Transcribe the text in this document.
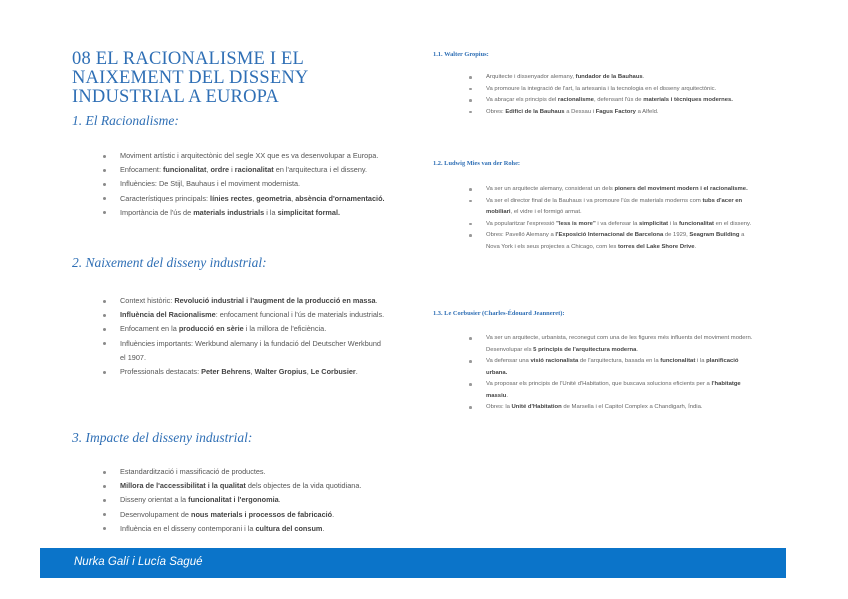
08 EL RACIONALISME I EL
NAIXEMENT DEL DISSENY
INDUSTRIAL A EUROPA
1. El Racionalisme:
Moviment artístic i arquitectònic del segle XX que es va desenvolupar a Europa.
Enfocament: funcionalitat, ordre i racionalitat en l'arquitectura i el disseny.
Influències: De Stijl, Bauhaus i el moviment modernista.
Característiques principals: línies rectes, geometria, absència d'ornamentació.
Importància de l'ús de materials industrials i la simplicitat formal.
2. Naixement del disseny industrial:
Context històric: Revolució industrial i l'augment de la producció en massa.
Influència del Racionalisme: enfocament funcional i l'ús de materials industrials.
Enfocament en la producció en sèrie i la millora de l'eficiència.
Influències importants: Werkbund alemany i la fundació del Deutscher Werkbund el 1907.
Professionals destacats: Peter Behrens, Walter Gropius, Le Corbusier.
3. Impacte del disseny industrial:
Estandardització i massificació de productes.
Millora de l'accessibilitat i la qualitat dels objectes de la vida quotidiana.
Disseny orientat a la funcionalitat i l'ergonomia.
Desenvolupament de nous materials i processos de fabricació.
Influència en el disseny contemporani i la cultura del consum.
1.1. Walter Gropius:
Arquitecte i dissenyador alemany, fundador de la Bauhaus.
Va promoure la integració de l'art, la artesania i la tecnologia en el disseny arquitectònic.
Va abraçar els principis del racionalisme, defensant l'ús de materials i tècniques modernes.
Obres: Edifici de la Bauhaus a Dessau i Fagus Factory a Alfeld.
1.2. Ludwig Mies van der Rohe:
Va ser un arquitecte alemany, considerat un dels pioners del moviment modern i el racionalisme.
Va ser el director final de la Bauhaus i va promoure l'ús de materials moderns com tubs d'acer en mobiliari, el vidre i el formigó armat.
Va popularitzar l'expressió "less is more" i va defensar la simplicitat i la funcionalitat en el disseny.
Obres: Pavelló Alemany a l'Exposició Internacional de Barcelona de 1929, Seagram Building a Nova York i els seus projectes a Chicago, com les torres del Lake Shore Drive.
1.3. Le Corbusier (Charles-Édouard Jeanneret):
Va ser un arquitecte, urbanista, reconegut com una de les figures més influents del moviment modern. Desenvolupar els 5 principis de l'arquitectura moderna.
Va defensar una visió racionalista de l'arquitectura, basada en la funcionalitat i la planificació urbana.
Va proposar els principis de l'Unité d'Habitation, que buscava solucions eficients per a l'habitatge massiu.
Obres: la Unité d'Habitation de Marsella i el Capitol Complex a Chandigarh, Índia.
Nurka Galí i Lucía Sagué
